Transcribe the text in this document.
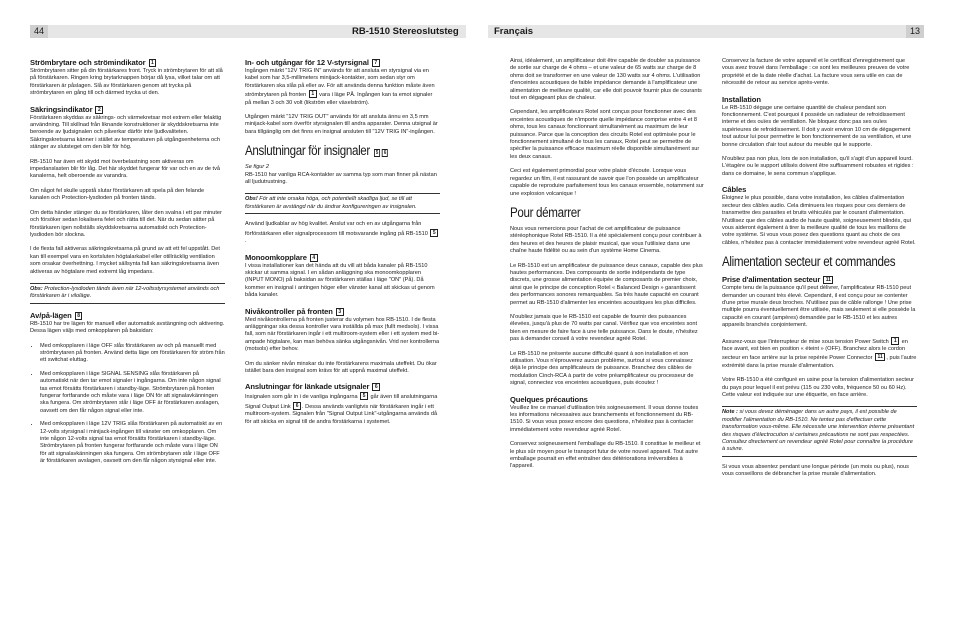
44	13
RB-1510 Stereoslutsteg	Français
Strömbrytare och strömindikator 1

Strömbrytaren sitter på din förstärkares front. Tryck in strömbrytaren för att slå på förstärkaren. Ringen kring brytarknappen börjar då lysa, vilket talar om att förstärkaren är påslagen. Slå av förstärkaren genom att trycka på strömbrytaren en gång till och därmed trycka ut den.

Säkringsindikator 2

Förstärkaren skyddas av säkrings- och värmekretsar mot extrem eller felaktig användning. Till skillnad från liknande konstruktioner är skyddskretsarna inte beroende av ljudsignalen och påverkar därför inte ljudkvaliteten. Säkringskretsarna känner i stället av temperaturen på utgångsenheterna och stänger av slutsteget om den blir för hög.

RB-1510 har även ett skydd mot överbelastning som aktiveras om impedanslasten blir för låg. Det här skyddet fungerar för var och en av de två kanalerna, helt oberoende av varandra.

Om något fel skulle uppstå slutar förstärkaren att spela på den felande kanalen och Protection-lysdioden på fronten tänds.

Om detta händer stänger du av förstärkaren, låter den svalna i ett par minuter och försöker sedan lokalisera felet och rätta till det. När du sedan sätter på förstärkaren igen nollställs skyddskretsarna automatiskt och Protection-lysdioden bör slockna.

I de flesta fall aktiveras säkringskretsarna på grund av att ett fel uppstått. Det kan till exempel vara en kortsluten högtalarkabel eller otillräcklig ventilation som orsakar överhettning. I mycket sällsynta fall kan säkringskretsarna även aktiveras av högtalare med extremt låg impedans.

Obs: Protection-lysdioden tänds även när 12-voltsstyrsystemet används och förstärkaren är i viloläge.

Av/på-lägen 8

RB-1510 har tre lägen för manuell eller automatisk avstängning och aktivering. Dessa lägen väljs med omkopplaren på baksidan:

• Med omkopplaren i läge OFF slås förstärkaren av och på manuellt med strömbrytaren på fronten. Använd detta läge om förstärkaren för ström från ett switchat eluttag.
• Med omkopplaren i läge SIGNAL SENSING slås förstärkaren på automatiskt när den tar emot signaler i ingångarna. Om inte någon signal tas emot försätts förstärkaren i standby-läge. Strömbrytaren på fronten fungerar fortfarande och måste vara i läge ON för att signalavkänningen ska fungera. Om strömbrytaren står i läge OFF är förstärkaren avslagen, oavsett om den får någon signal eller inte.
• Med omkopplaren i läge 12V TRIG slås förstärkaren på automatiskt av en 12-volts styrsignal i minijack-ingången till vänster om omkopplaren. Om inte någon 12-volts signal tas emot försätts förstärkaren i standby-läge. Strömbrytaren på fronten fungerar fortfarande och måste vara i läge ON för att signalavkänningen ska fungera. Om strömbrytaren står i läge OFF är förstärkaren avslagen, oavsett om den får någon styrsignal eller inte.
In- och utgångar för 12 V-styrsignal 7

Ingången märkt "12V TRIG IN" används för att ansluta en styrsignal via en kabel som har 3,5-millimeters minijack-kontakter, som sedan styr om förstärkaren ska slås på eller av. För att använda denna funktion måste även strömbrytaren på fronten 1 vara i läge PÅ. Ingången kan ta emot signaler på mellan 3 och 30 volt (likström eller växelström).

Utgången märkt "12V TRIG OUT" används för att ansluta ännu en 3,5 mm minijack-kabel som överför styrsignalen till andra apparater. Denna utsignal är bara tillgänglig om det finns en insignal ansluten till "12V TRIG IN"-ingången.

Anslutningar för insignaler 5 6

Se figur 2

RB-1510 har vanliga RCA-kontakter av samma typ som man finner på nästan all ljudutrustning.

Obs! För att inte orsaka höga, och potentiellt skadliga ljud, se till att förstärkaren är avstängd när du ändrar konfigureringen av insignalen.

Använd ljudkablar av hög kvalitet. Anslut var och en av utgångarna från förförstärkaren eller signalprocessorn till motsvarande ingång på RB-1510 5.

Monoomkopplare 4

I vissa installationer kan det hända att du vill att båda kanaler på RB-1510 skickar ut samma signal. I en sådan anläggning ska monoomkopplaren (INPUT MONO) på baksidan av förstärkaren ställas i läge "ON" (På). Då kommer en insignal i antingen höger eller vänster kanal att skickas ut genom båda kanaler.

Nivåkontroller på fronten 3

Med nivåkontrollerna på fronten justerar du volymen hos RB-1510. I de flesta anläggningar ska dessa kontroller vara inställda på max (fullt medsols). I vissa fall, som när förstärkaren ingår i ett multiroom-system eller i ett system med bi-ampade högtalare, kan man behöva sänka utgångsnivån. Vrid ner kontrollerna (motsols) efter behov.

Om du sänker nivån minskar du inte förstärkarens maximala uteffekt. Du ökar istället bara den insignal som krävs för att uppnå maximal uteffekt.

Anslutningar för länkade utsignaler 6

Insignalen som går in i de vanliga ingångarna 5 går även till anslutningarna Signal Output Link 6 . Dessa används vanligtvis när förstärkaren ingår i ett multiroom-system. Signalen från "Signal Output Link"-utgångarna används då för att skicka en signal till de andra förstärkarna i systemet.

Ainsi, idéalement, un amplificateur doit être capable de doubler sa puissance de sortie sur charge de 4 ohms – et une valeur de 65 watts sur charge de 8 ohms doit se transformer en une valeur de 130 watts sur 4 ohms. L'utilisation d'enceintes acoustiques de faible impédance demande à l'amplificateur une alimentation de meilleure qualité, car elle doit pouvoir fournir plus de courants tout en dégageant plus de chaleur.

Cependant, les amplificateurs Rotel sont conçus pour fonctionner avec des enceintes acoustiques de n'importe quelle impédance comprise entre 4 et 8 ohms, tous les canaux fonctionnant simultanément au maximum de leur puissance. Parce que la conception des circuits Rotel est optimisée pour le fonctionnement simultané de tous les canaux, Rotel peut se permettre de spécifier la puissance efficace maximum réelle disponible simultanément sur les deux canaux.

Ceci est également primordial pour votre plaisir d'écoute. Lorsque vous regardez un film, il est rassurant de savoir que l'on possède un amplificateur capable de reproduire parfaitement tous les canaux ensemble, notamment sur une explosion volcanique !

Pour démarrer

Nous vous remercions pour l'achat de cet amplificateur de puissance stéréophonique Rotel RB-1510. Il a été spécialement conçu pour contribuer à des heures et des heures de plaisir musical, que vous l'utilisiez dans une chaîne haute fidélité ou au sein d'un système Home Cinema.

Le RB-1510 est un amplificateur de puissance deux canaux, capable des plus hautes performances. Des composants de sortie indépendants de type discrets, une grosse alimentation équipée de composants de premier choix, ainsi que le principe de conception Rotel « Balanced Design » garantissent des performances sonores remarquables. Sa très haute capacité en courant permet au RB-1510 d'alimenter les enceintes acoustiques les plus difficiles.

N'oubliez jamais que le RB-1510 est capable de fournir des puissances élevées, jusqu'à plus de 70 watts par canal. Vérifiez que vos enceintes sont bien en mesure de faire face à une telle puissance. Dans le doute, n'hésitez pas à demander conseil à votre revendeur agréé Rotel.

Le RB-1510 ne présente aucune difficulté quant à son installation et son utilisation. Vous n'éprouverez aucun problème, surtout si vous connaissez déjà le principe des amplificateurs de puissance. Branchez des câbles de modulation Cinch-RCA à partir de votre préamplificateur ou processeur de signal, connectez vos enceintes acoustiques, puis écoutez !

Quelques précautions

Veuillez lire ce manuel d'utilisation très soigneusement. Il vous donne toutes les informations nécessaires aux branchements et fonctionnement du RB-1510. Si vous vous posez encore des questions, n'hésitez pas à contacter immédiatement votre revendeur agréé Rotel.

Conservez soigneusement l'emballage du RB-1510. Il constitue le meilleur et le plus sûr moyen pour le transport futur de votre nouvel appareil. Tout autre emballage pourrait en effet entraîner des détériorations irréversibles à l'appareil.

Conservez la facture de votre appareil et le certificat d'enregistrement que vous avez trouvé dans l'emballage : ce sont les meilleures preuves de votre propriété et de la date réelle d'achat. La facture vous sera utile en cas de nécessité de retour au service après-vente.

Installation

Le RB-1510 dégage une certaine quantité de chaleur pendant son fonctionnement. C'est pourquoi il possède un radiateur de refroidissement interne et des ouïes de ventilation. Ne bloquez donc pas ses ouïes supérieures de refroidissement. Il doit y avoir environ 10 cm de dégagement tout autour lui pour permettre le bon fonctionnement de sa ventilation, et une bonne circulation d'air tout autour du meuble qui le supporte.

N'oubliez pas non plus, lors de son installation, qu'il s'agit d'un appareil lourd. L'étagère ou le support utilisés doivent être suffisamment robustes et rigides : dans ce domaine, le sens commun s'applique.

Câbles

Éloignez le plus possible, dans votre installation, les câbles d'alimentation secteur des câbles audio. Cela diminuera les risques pour ces derniers de transmettre des parasites et bruits véhiculés par le courant d'alimentation. N'utilisez que des câbles audio de haute qualité, soigneusement blindés, qui vous aideront également à tirer la meilleure qualité de tous les maillons de votre système. Si vous vous posez des questions quant au choix de ces câbles, n'hésitez pas à contacter immédiatement votre revendeur agréé Rotel.

Alimentation secteur et commandes
Prise d'alimentation secteur 11

Compte tenu de la puissance qu'il peut délivrer, l'amplificateur RB-1510 peut demander un courant très élevé. Cependant, il est conçu pour se contenter d'une prise murale deux broches. N'utilisez pas de câble rallonge ! Une prise multiple pourra éventuellement être utilisée, mais seulement si elle possède la capacité en courant (ampères) demandée par le RB-1510 et les autres appareils branchés conjointement.

Assurez-vous que l'interrupteur de mise sous tension Power Switch 1 en face avant, est bien en position « éteint » (OFF). Branchez alors le cordon secteur en face arrière sur la prise repérée Power Connector 11 , puis l'autre extrémité dans la prise murale d'alimentation.

Votre RB-1510 a été configuré en usine pour la tension d'alimentation secteur du pays pour lequel il est prévu (115 ou 230 volts, fréquence 50 ou 60 Hz). Cette valeur est indiquée sur une étiquette, en face arrière.

Note : si vous devez déménager dans un autre pays, il est possible de modifier l'alimentation du RB-1510. Ne tentez pas d'effectuer cette transformation vous-même. Elle nécessite une intervention interne présentant des risques d'électrocution si certaines précautions ne sont pas respectées. Consultez directement un revendeur agréé Rotel pour connaître la procédure à suivre.

Si vous vous absentez pendant une longue période (un mois ou plus), nous vous conseillons de débrancher la prise murale d'alimentation.
